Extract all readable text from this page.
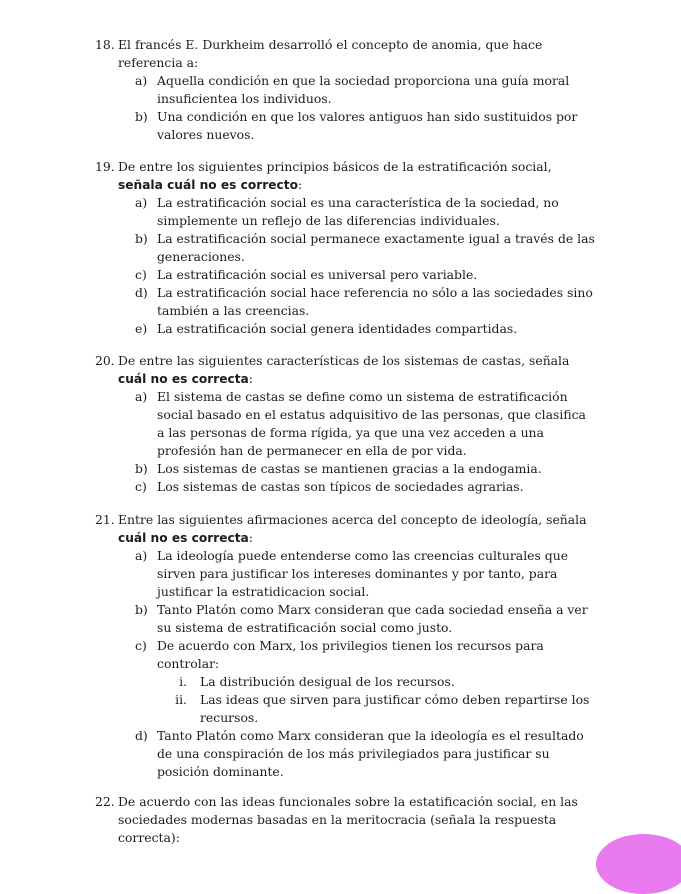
18. El francés E. Durkheim desarrolló el concepto de anomia, que hace referencia a:
a) Aquella condición en que la sociedad proporciona una guía moral insuficientea los individuos.
b) Una condición en que los valores antiguos han sido sustituidos por valores nuevos.
19. De entre los siguientes principios básicos de la estratificación social, señala cuál no es correcto:
a) La estratificación social es una característica de la sociedad, no simplemente un reflejo de las diferencias individuales.
b) La estratificación social permanece exactamente igual a través de las generaciones.
c) La estratificación social es universal pero variable.
d) La estratificación social hace referencia no sólo a las sociedades sino también a las creencias.
e) La estratificación social genera identidades compartidas.
20. De entre las siguientes características de los sistemas de castas, señala cuál no es correcta:
a) El sistema de castas se define como un sistema de estratificación social basado en el estatus adquisitivo de las personas, que clasifica a las personas de forma rígida, ya que una vez acceden a una profesión han de permanecer en ella de por vida.
b) Los sistemas de castas se mantienen gracias a la endogamia.
c) Los sistemas de castas son típicos de sociedades agrarias.
21. Entre las siguientes afirmaciones acerca del concepto de ideología, señala cuál no es correcta:
a) La ideología puede entenderse como las creencias culturales que sirven para justificar los intereses dominantes y por tanto, para justificar la estratidicacion social.
b) Tanto Platón como Marx consideran que cada sociedad enseña a ver su sistema de estratificación social como justo.
c) De acuerdo con Marx, los privilegios tienen los recursos para controlar:
i. La distribución desigual de los recursos.
ii. Las ideas que sirven para justificar cómo deben repartirse los recursos.
d) Tanto Platón como Marx consideran que la ideología es el resultado de una conspiración de los más privilegiados para justificar su posición dominante.
22. De acuerdo con las ideas funcionales sobre la estatificación social, en las sociedades modernas basadas en la meritocracia (señala la respuesta correcta):
